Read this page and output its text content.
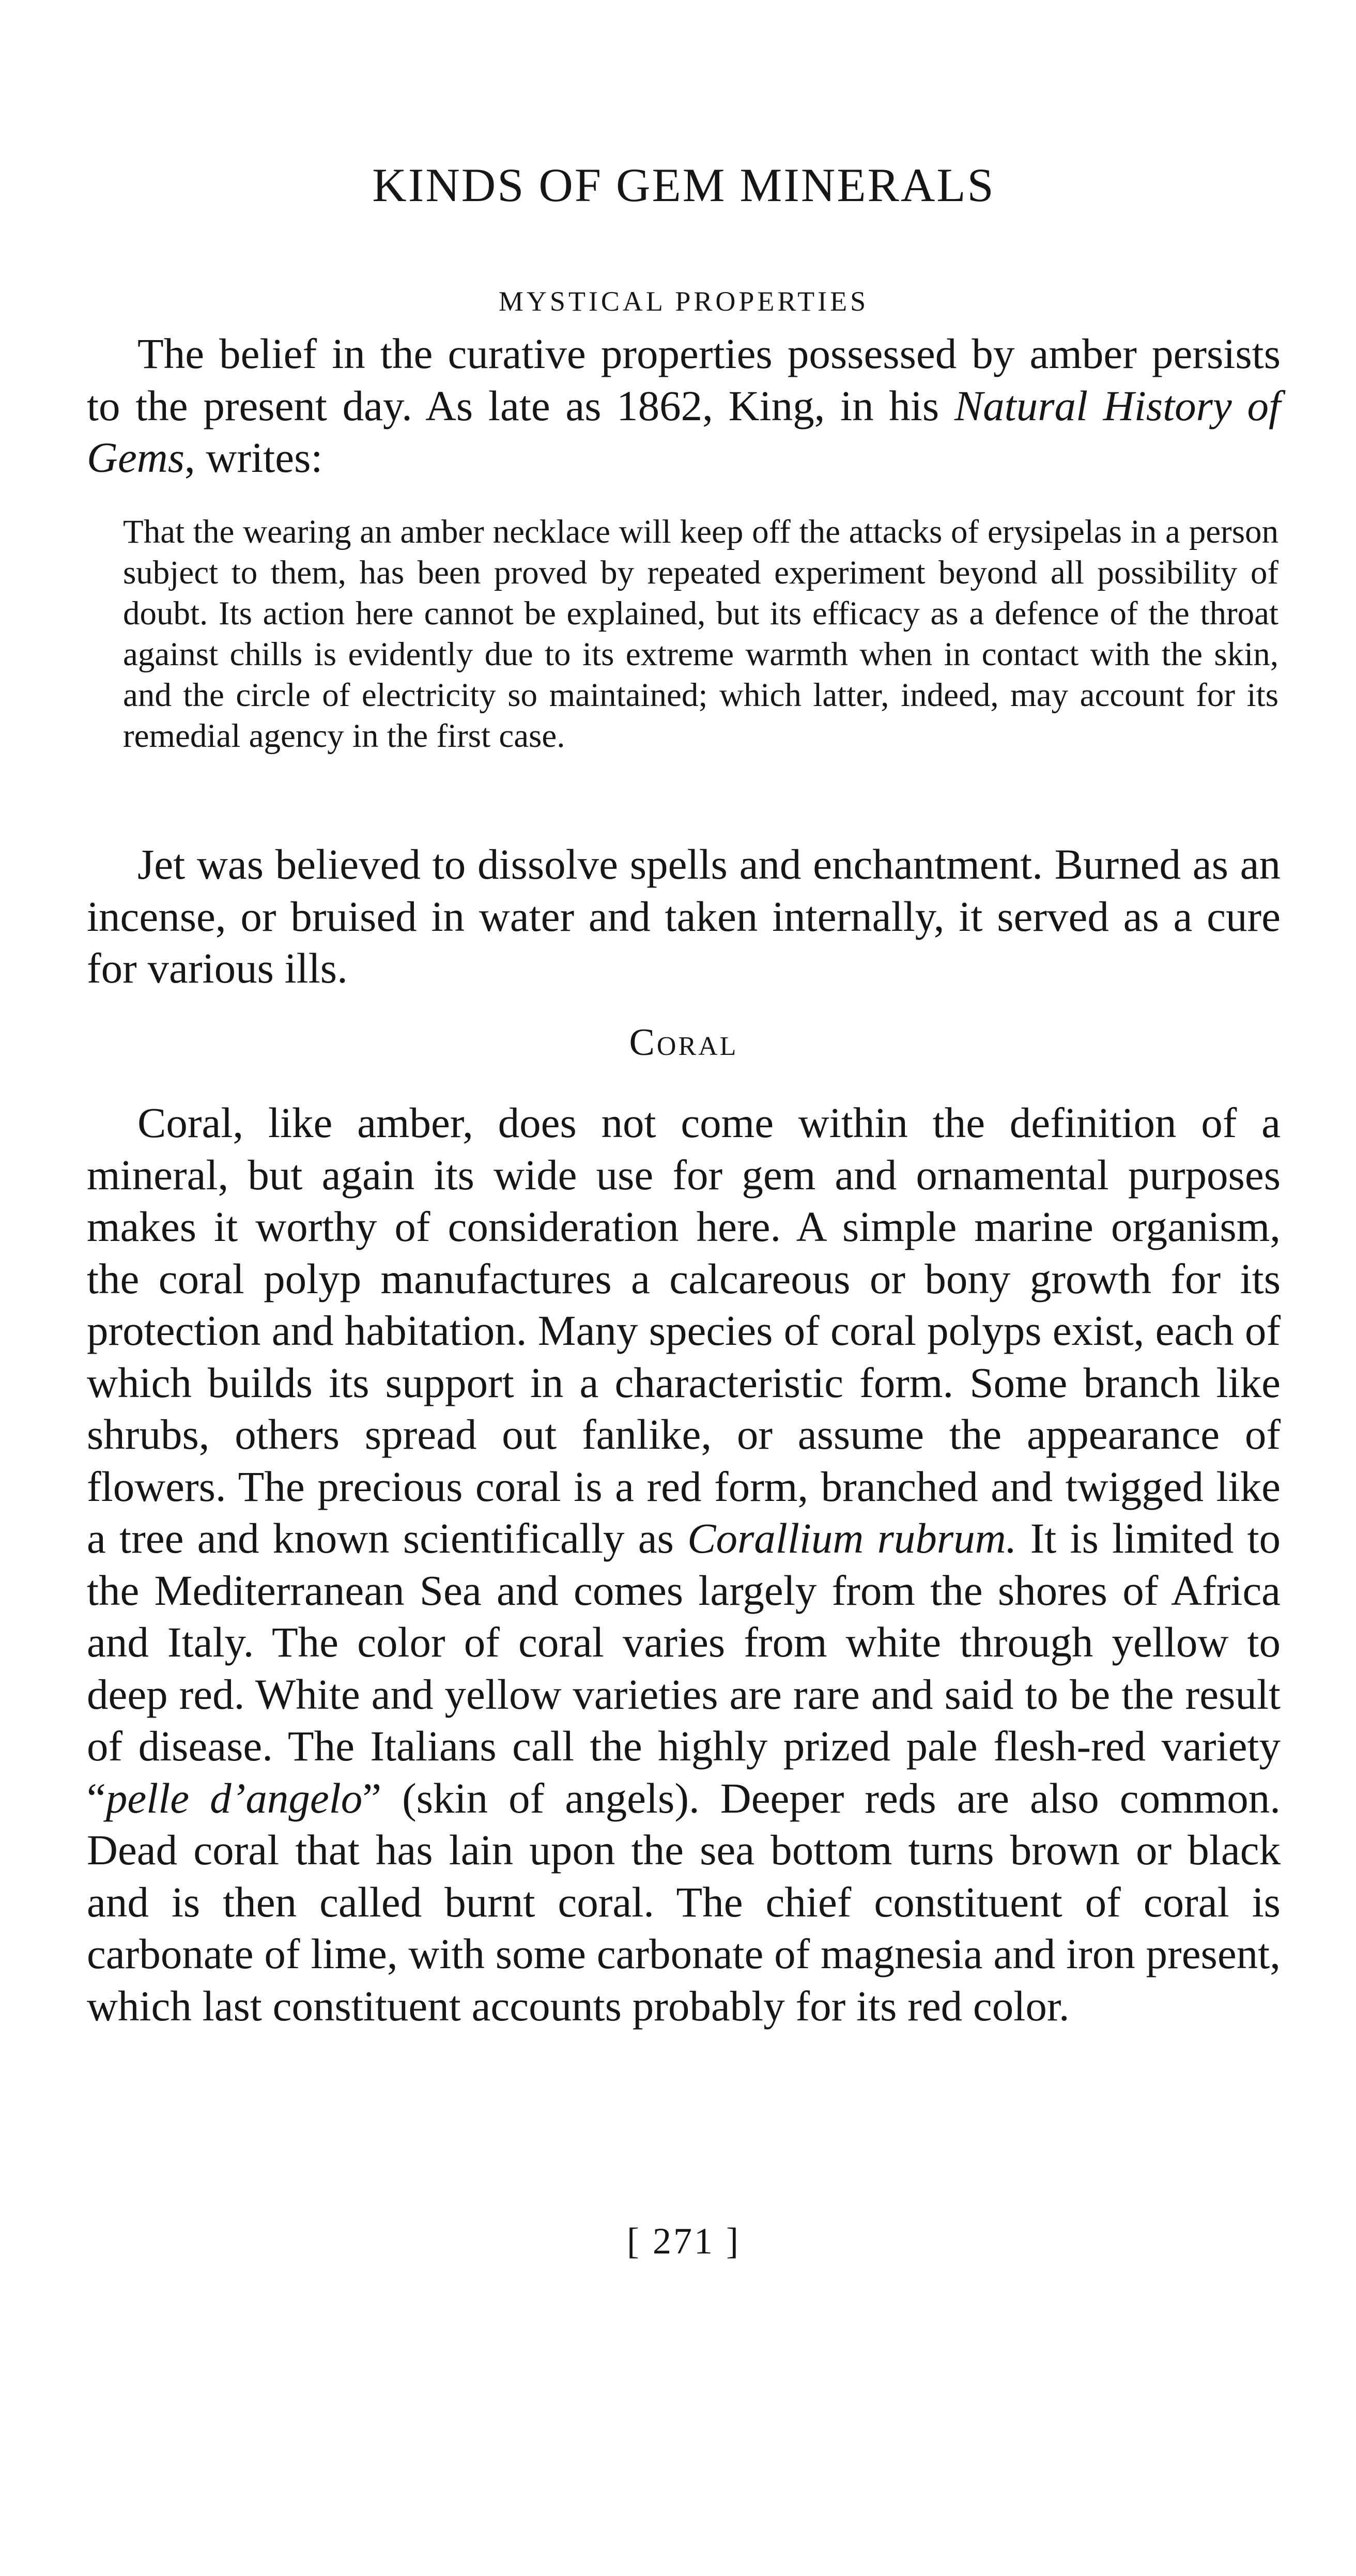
KINDS OF GEM MINERALS
MYSTICAL PROPERTIES

The belief in the curative properties possessed by amber persists to the present day. As late as 1862, King, in his Natural History of Gems, writes:

That the wearing an amber necklace will keep off the attacks of erysipelas in a person subject to them, has been proved by repeated experiment beyond all possibility of doubt. Its action here cannot be explained, but its efficacy as a defence of the throat against chills is evidently due to its extreme warmth when in contact with the skin, and the circle of electricity so maintained; which latter, indeed, may account for its remedial agency in the first case.

Jet was believed to dissolve spells and enchantment. Burned as an incense, or bruised in water and taken internally, it served as a cure for various ills.

Coral

Coral, like amber, does not come within the definition of a mineral, but again its wide use for gem and ornamental purposes makes it worthy of consideration here. A simple marine organism, the coral polyp manufactures a calcareous or bony growth for its protection and habitation. Many species of coral polyps exist, each of which builds its support in a characteristic form. Some branch like shrubs, others spread out fanlike, or assume the appearance of flowers. The precious coral is a red form, branched and twigged like a tree and known scientifically as Corallium rubrum. It is limited to the Mediterranean Sea and comes largely from the shores of Africa and Italy. The color of coral varies from white through yellow to deep red. White and yellow varieties are rare and said to be the result of disease. The Italians call the highly prized pale flesh-red variety “pelle d’angelo” (skin of angels). Deeper reds are also common. Dead coral that has lain upon the sea bottom turns brown or black and is then called burnt coral. The chief constituent of coral is carbonate of lime, with some carbonate of magnesia and iron present, which last constituent accounts probably for its red color.

[ 271 ]
